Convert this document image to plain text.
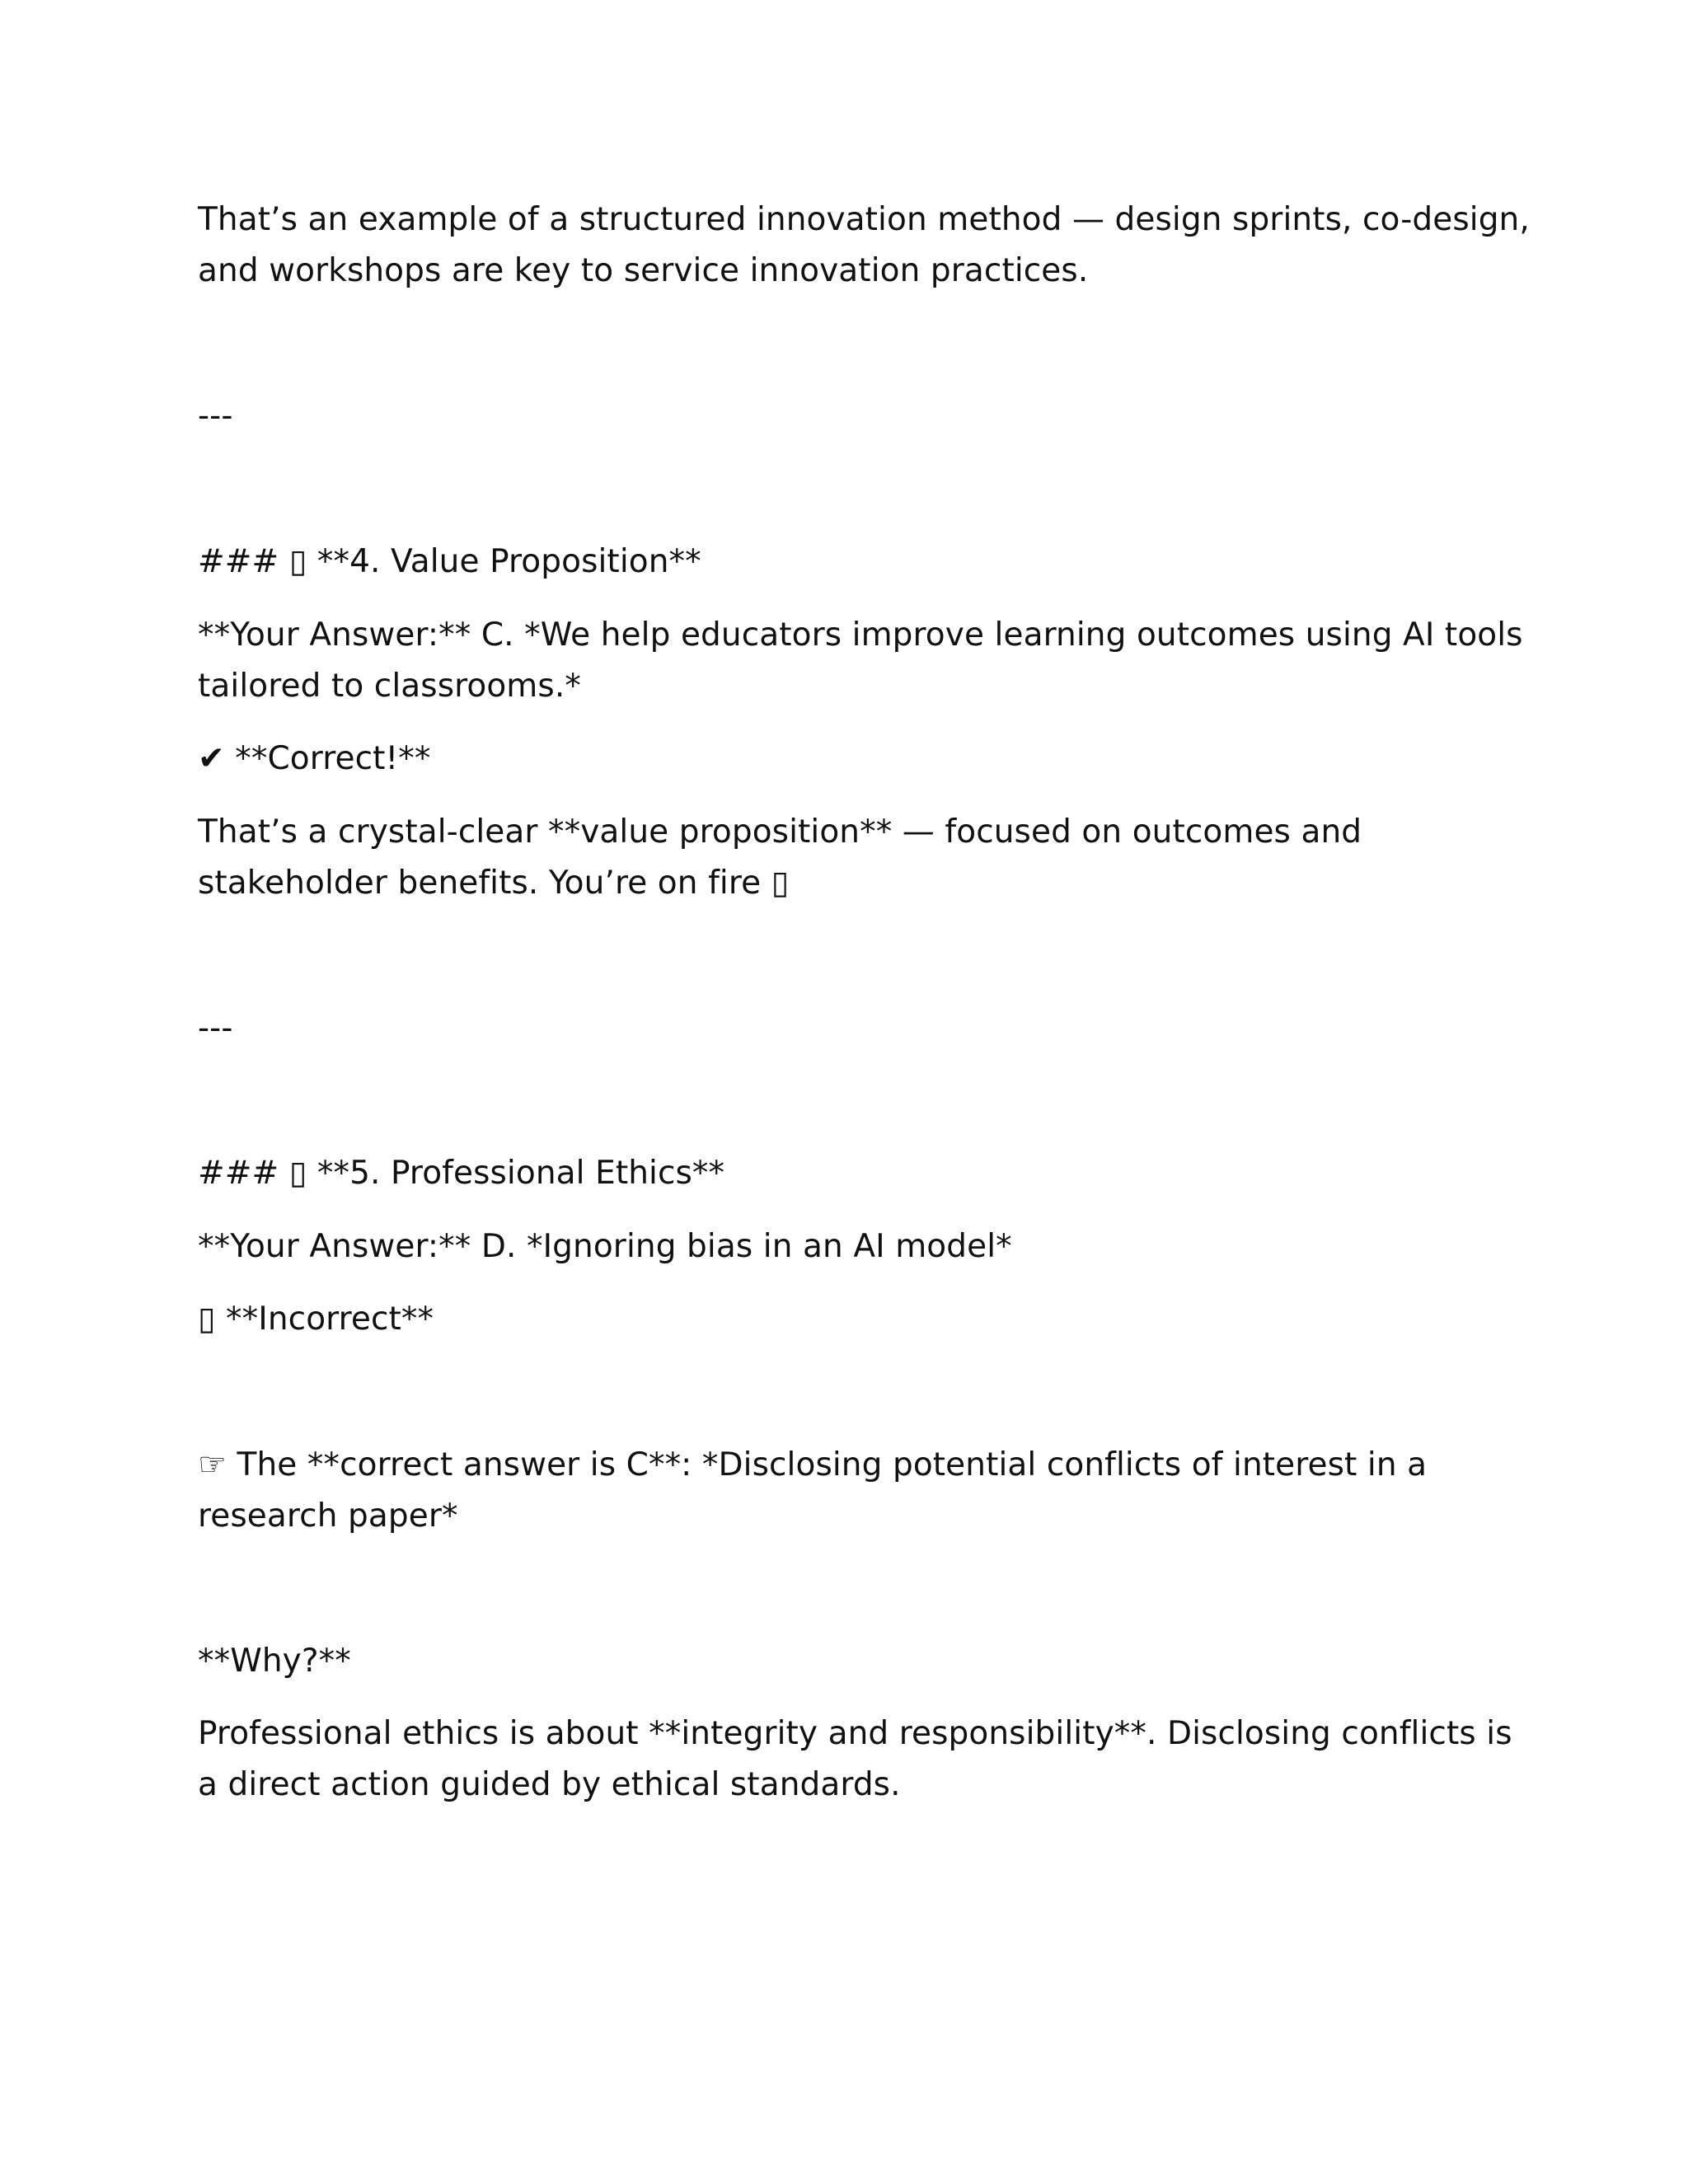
That’s an example of a structured innovation method — design sprints, co-design,
and workshops are key to service innovation practices.
---
### ▯ **4. Value Proposition**
**Your Answer:** C. *We help educators improve learning outcomes using AI tools
tailored to classrooms.*
✔ **Correct!**
That’s a crystal-clear **value proposition** — focused on outcomes and
stakeholder benefits. You’re on fire ▯
---
### ▯ **5. Professional Ethics**
**Your Answer:** D. *Ignoring bias in an AI model*
▯ **Incorrect**
☞ The **correct answer is C**: *Disclosing potential conflicts of interest in a
research paper*
**Why?**
Professional ethics is about **integrity and responsibility**. Disclosing conflicts is
a direct action guided by ethical standards.
